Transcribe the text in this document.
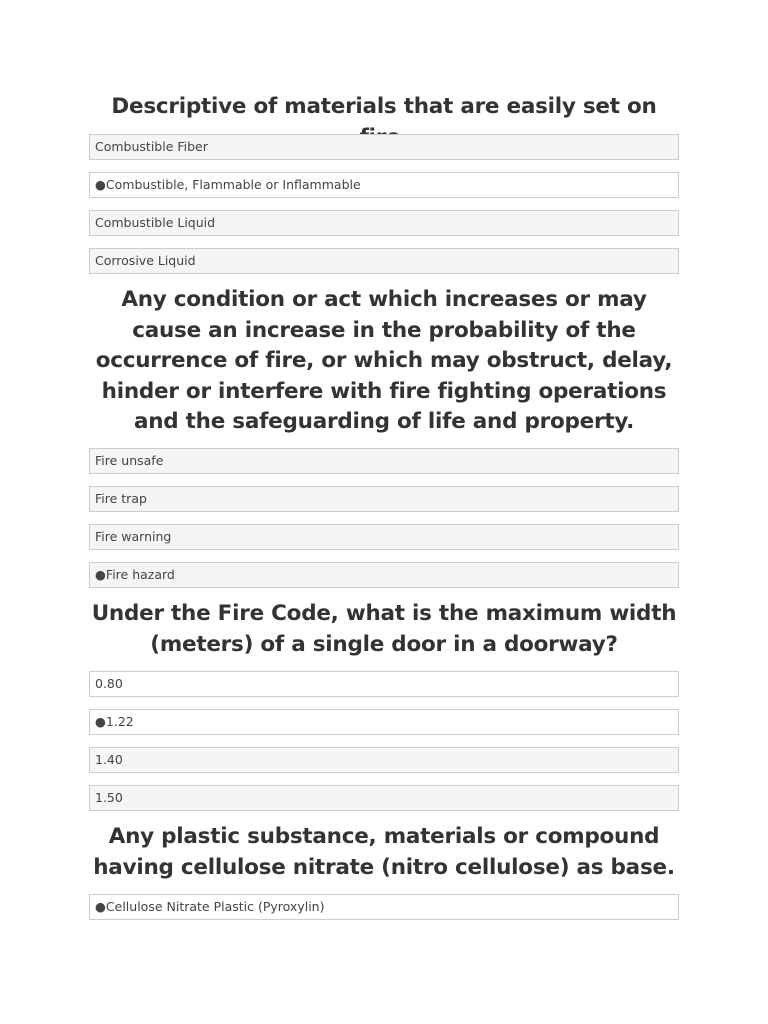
Descriptive of materials that are easily set on
Combustible Fiber
●Combustible, Flammable or Inflammable
Combustible Liquid
Corrosive Liquid
Any condition or act which increases or may cause an increase in the probability of the occurrence of fire, or which may obstruct, delay, hinder or interfere with fire fighting operations and the safeguarding of life and property.
Fire unsafe
Fire trap
Fire warning
●Fire hazard
Under the Fire Code, what is the maximum width (meters) of a single door in a doorway?
0.80
●1.22
1.40
1.50
Any plastic substance, materials or compound having cellulose nitrate (nitro cellulose) as base.
●Cellulose Nitrate Plastic (Pyroxylin)
